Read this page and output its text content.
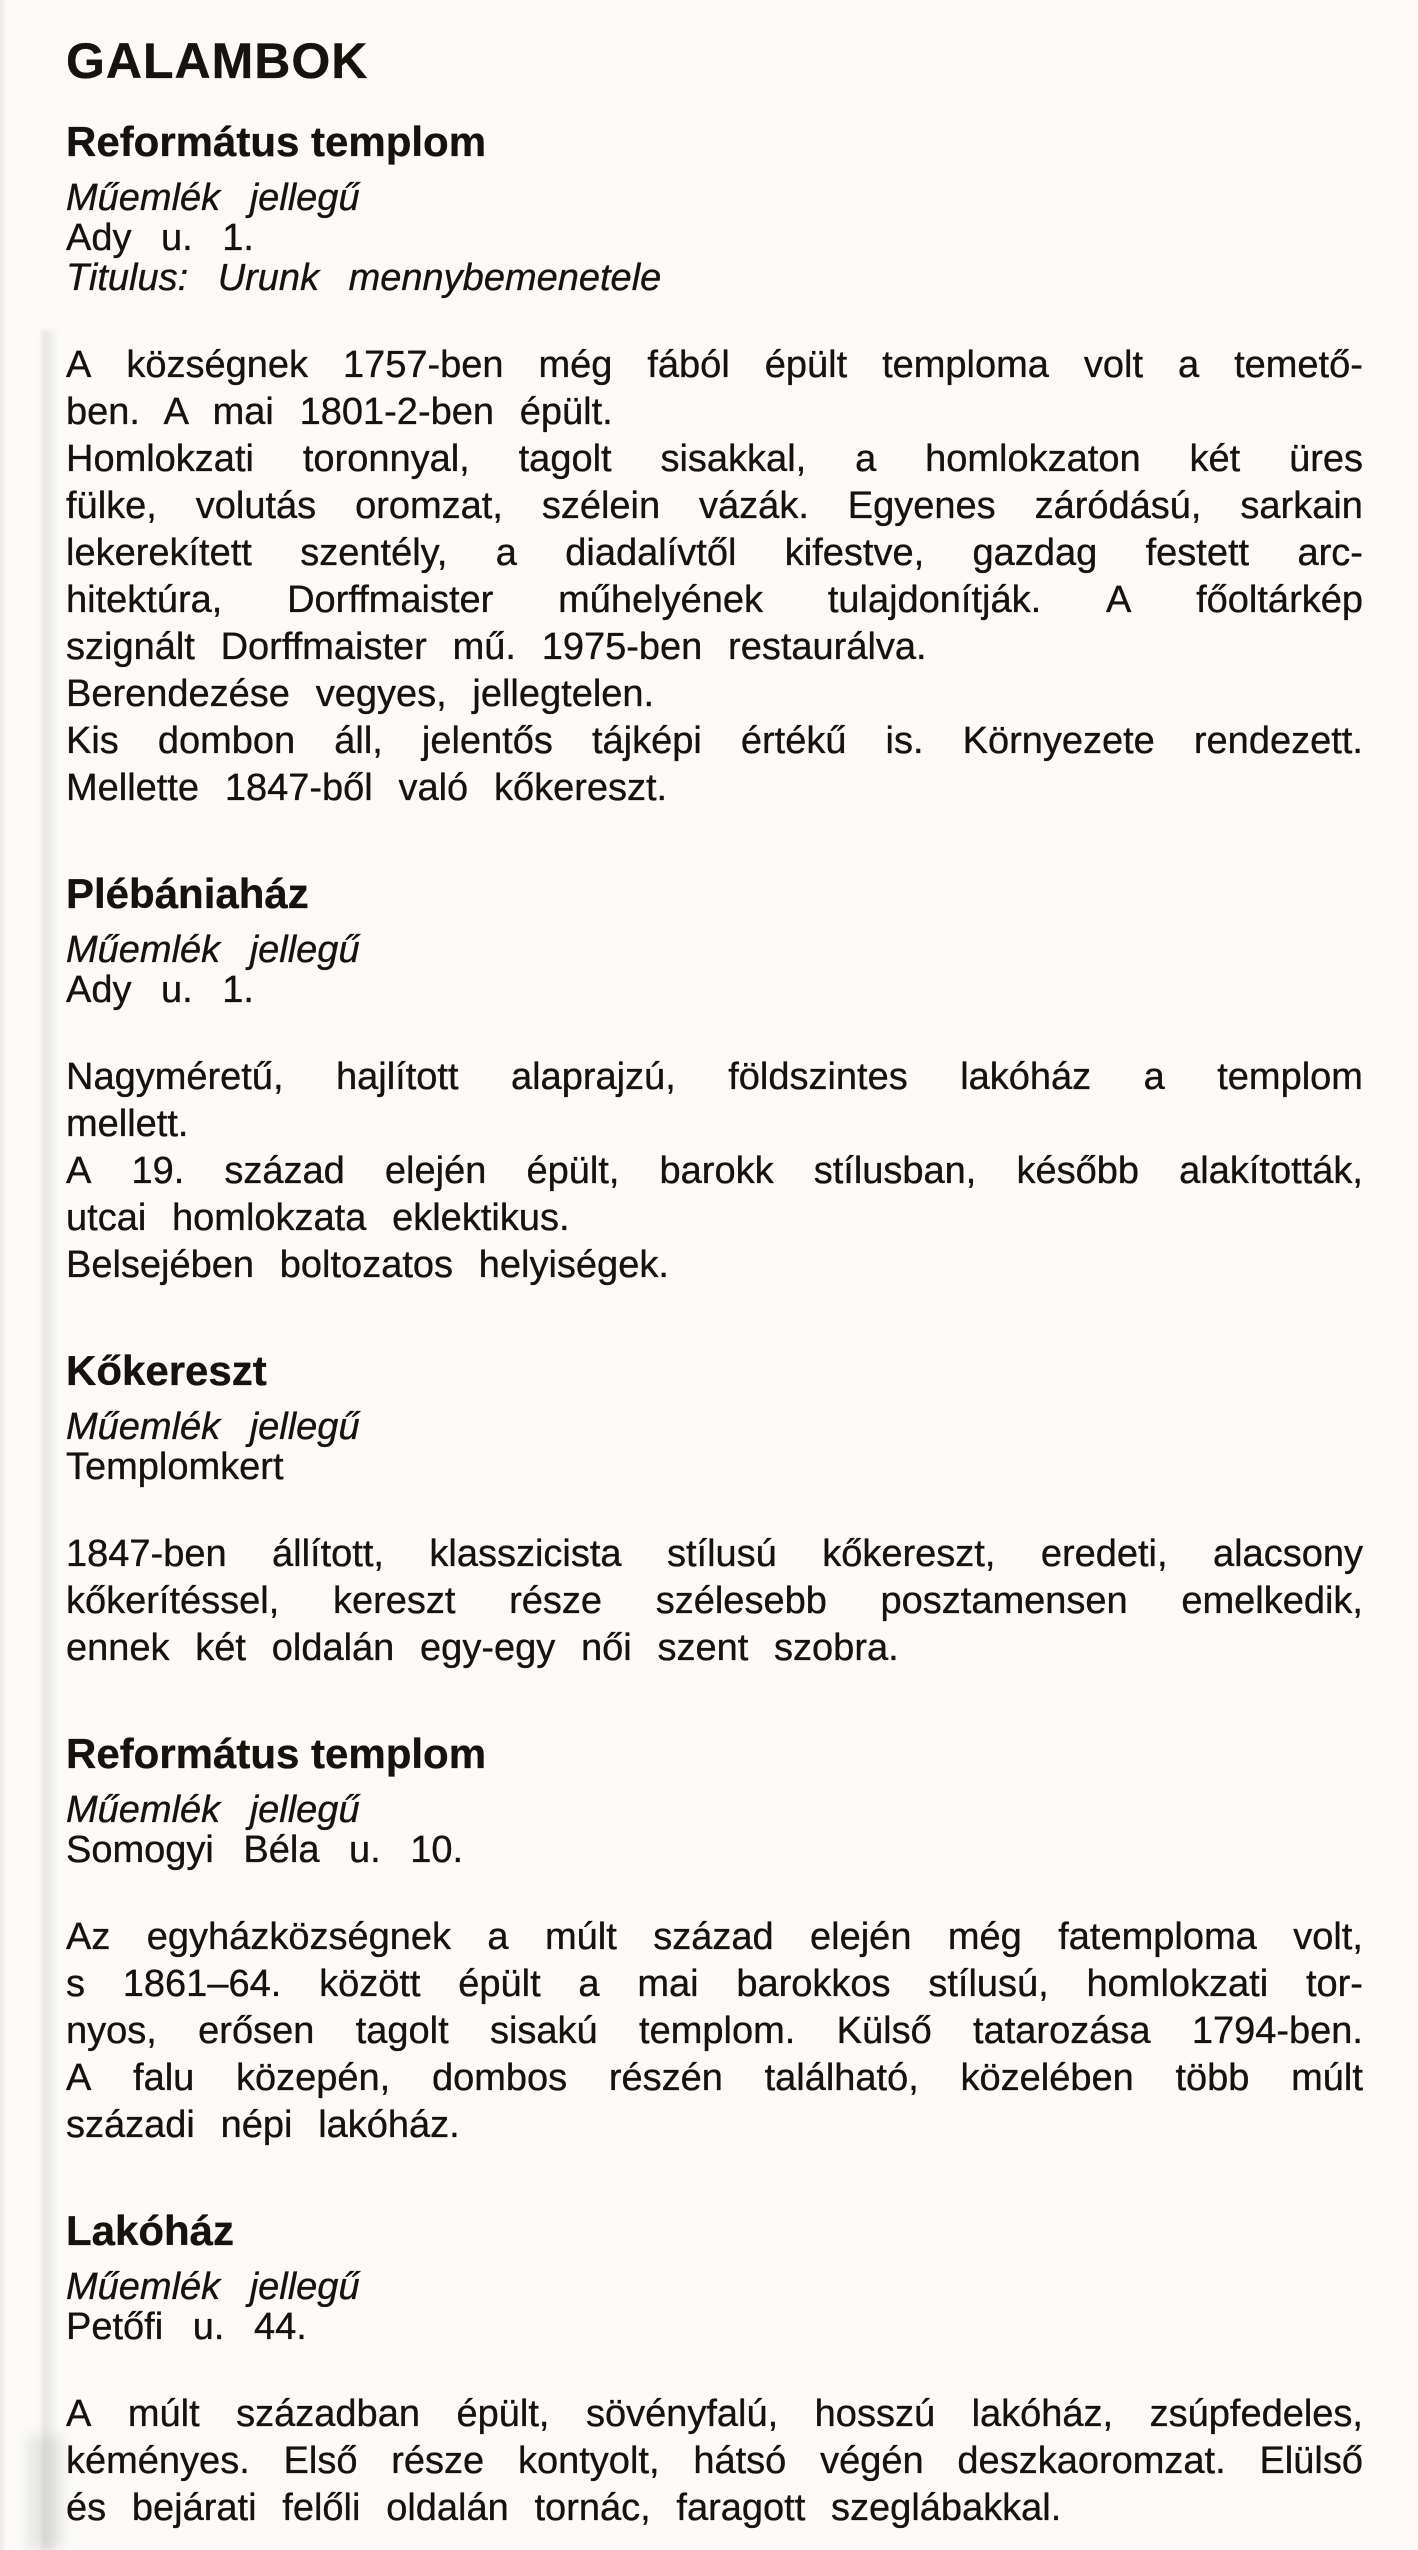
GALAMBOK
Református templom
Műemlék jellegű
Ady u. 1.
Titulus: Urunk mennybemenetele
A községnek 1757-ben még fából épült temploma volt a temető-
ben. A mai 1801-2-ben épült.
Homlokzati toronnyal, tagolt sisakkal, a homlokzaton két üres
fülke, volutás oromzat, szélein vázák. Egyenes záródású, sarkain
lekerekített szentély, a diadalívtől kifestve, gazdag festett arc-
hitektúra, Dorffmaister műhelyének tulajdonítják. A főoltárkép
szignált Dorffmaister mű. 1975-ben restaurálva.
Berendezése vegyes, jellegtelen.
Kis dombon áll, jelentős tájképi értékű is. Környezete rendezett.
Mellette 1847-ből való kőkereszt.
Plébániaház
Műemlék jellegű
Ady u. 1.
Nagyméretű, hajlított alaprajzú, földszintes lakóház a templom
mellett.
A 19. század elején épült, barokk stílusban, később alakították,
utcai homlokzata eklektikus.
Belsejében boltozatos helyiségek.
Kőkereszt
Műemlék jellegű
Templomkert
1847-ben állított, klasszicista stílusú kőkereszt, eredeti, alacsony
kőkerítéssel, kereszt része szélesebb posztamensen emelkedik,
ennek két oldalán egy-egy női szent szobra.
Református templom
Műemlék jellegű
Somogyi Béla u. 10.
Az egyházközségnek a múlt század elején még fatemploma volt,
s 1861–64. között épült a mai barokkos stílusú, homlokzati tor-
nyos, erősen tagolt sisakú templom. Külső tatarozása 1794-ben.
A falu közepén, dombos részén található, közelében több múlt
századi népi lakóház.
Lakóház
Műemlék jellegű
Petőfi u. 44.
A múlt században épült, sövényfalú, hosszú lakóház, zsúpfedeles,
kéményes. Első része kontyolt, hátsó végén deszkaoromzat. Elülső
és bejárati felőli oldalán tornác, faragott szeglábakkal.
